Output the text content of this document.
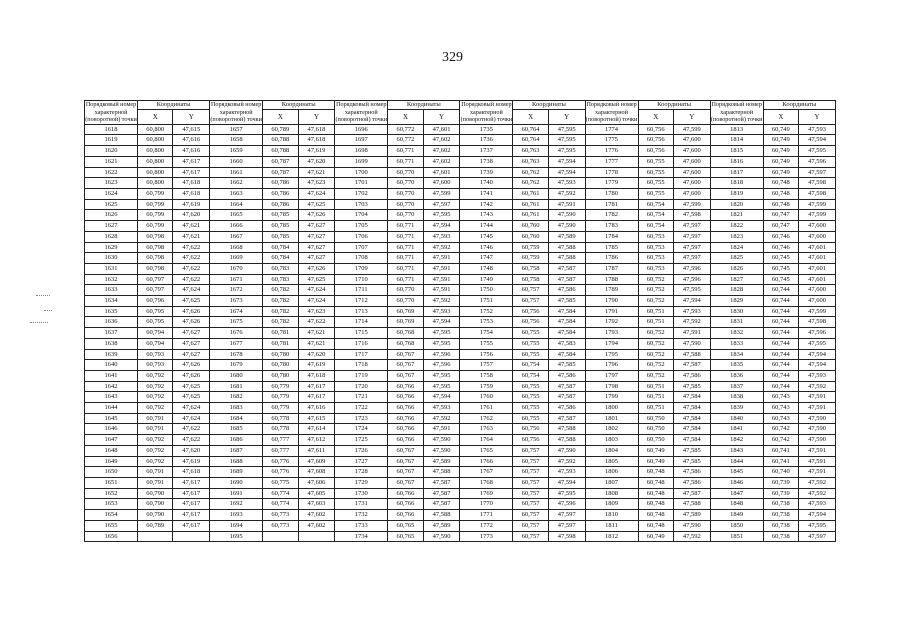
329
Порядковый номер характерной (поворотной) точки	Координаты		Порядковый номер характерной (поворотной) точки	Координаты		Порядковый номер характерной (поворотной) точки	Координаты		Порядковый номер характерной (поворотной) точки	Координаты		Порядковый номер характерной (поворотной) точки	Координаты		Порядковый номер характерной (поворотной) точки	Координаты	
	X	Y		X	Y		X	Y		X	Y		X	Y		X	Y
1618	60,800	47,615	1657	60,789	47,618	1696	60,772	47,601	1735	60,764	47,595	1774	60,756	47,599	1813	60,749	47,593
1619	60,800	47,616	1658	60,788	47,618	1697	60,772	47,602	1736	60,764	47,595	1775	60,756	47,600	1814	60,749	47,594
1620	60,800	47,616	1659	60,788	47,619	1698	60,771	47,602	1737	60,763	47,595	1776	60,756	47,600	1815	60,749	47,595
1621	60,800	47,617	1660	60,787	47,620	1699	60,771	47,602	1738	60,763	47,594	1777	60,755	47,600	1816	60,749	47,596
1622	60,800	47,617	1661	60,787	47,621	1700	60,770	47,601	1739	60,762	47,594	1778	60,755	47,600	1817	60,749	47,597
1623	60,800	47,618	1662	60,786	47,623	1701	60,770	47,600	1740	60,762	47,593	1779	60,755	47,600	1818	60,748	47,598
1624	60,799	47,618	1663	60,786	47,624	1702	60,770	47,599	1741	60,761	47,592	1780	60,755	47,600	1819	60,748	47,598
1625	60,799	47,619	1664	60,786	47,625	1703	60,770	47,597	1742	60,761	47,591	1781	60,754	47,599	1820	60,748	47,599
1626	60,799	47,620	1665	60,785	47,626	1704	60,770	47,595	1743	60,761	47,590	1782	60,754	47,598	1821	60,747	47,599
1627	60,799	47,621	1666	60,785	47,627	1705	60,771	47,594	1744	60,760	47,590	1783	60,754	47,597	1822	60,747	47,600
1628	60,798	47,621	1667	60,785	47,627	1706	60,771	47,593	1745	60,760	47,589	1784	60,753	47,597	1823	60,746	47,600
1629	60,798	47,622	1668	60,784	47,627	1707	60,771	47,592	1746	60,759	47,588	1785	60,753	47,597	1824	60,746	47,601
1630	60,798	47,622	1669	60,784	47,627	1708	60,771	47,591	1747	60,759	47,588	1786	60,753	47,597	1825	60,745	47,601
1631	60,798	47,622	1670	60,783	47,626	1709	60,771	47,591	1748	60,758	47,587	1787	60,753	47,596	1826	60,745	47,601
1632	60,797	47,622	1671	60,783	47,625	1710	60,771	47,591	1749	60,758	47,587	1788	60,752	47,596	1827	60,745	47,601
1633	60,797	47,624	1672	60,782	47,624	1711	60,770	47,591	1750	60,757	47,586	1789	60,752	47,595	1828	60,744	47,600
1634	60,796	47,625	1673	60,782	47,624	1712	60,770	47,592	1751	60,757	47,585	1790	60,752	47,594	1829	60,744	47,600
1635	60,795	47,626	1674	60,782	47,623	1713	60,769	47,593	1752	60,756	47,584	1791	60,751	47,593	1830	60,744	47,599
1636	60,795	47,626	1675	60,782	47,622	1714	60,769	47,594	1753	60,756	47,584	1792	60,751	47,592	1831	60,744	47,598
1637	60,794	47,627	1676	60,781	47,621	1715	60,768	47,595	1754	60,755	47,584	1793	60,752	47,591	1832	60,744	47,596
1638	60,794	47,627	1677	60,781	47,621	1716	60,768	47,595	1755	60,755	47,583	1794	60,752	47,590	1833	60,744	47,595
1639	60,793	47,627	1678	60,780	47,620	1717	60,767	47,596	1756	60,755	47,584	1795	60,752	47,588	1834	60,744	47,594
1640	60,793	47,626	1679	60,780	47,619	1718	60,767	47,596	1757	60,754	47,585	1796	60,752	47,587	1835	60,744	47,594
1641	60,792	47,626	1680	60,780	47,618	1719	60,767	47,595	1758	60,754	47,586	1797	60,752	47,586	1836	60,744	47,593
1642	60,792	47,625	1681	60,779	47,617	1720	60,766	47,595	1759	60,755	47,587	1798	60,751	47,585	1837	60,744	47,592
1643	60,792	47,625	1682	60,779	47,617	1721	60,766	47,594	1760	60,755	47,587	1799	60,751	47,584	1838	60,743	47,591
1644	60,792	47,624	1683	60,779	47,616	1722	60,766	47,593	1761	60,755	47,586	1800	60,751	47,584	1839	60,743	47,591
1645	60,791	47,624	1684	60,778	47,615	1723	60,766	47,592	1762	60,755	47,587	1801	60,750	47,584	1840	60,743	47,590
1646	60,791	47,622	1685	60,778	47,614	1724	60,766	47,591	1763	60,756	47,588	1802	60,750	47,584	1841	60,742	47,590
1647	60,792	47,622	1686	60,777	47,612	1725	60,766	47,590	1764	60,756	47,588	1803	60,750	47,584	1842	60,742	47,590
1648	60,792	47,620	1687	60,777	47,611	1726	60,767	47,590	1765	60,757	47,590	1804	60,749	47,585	1843	60,741	47,591
1649	60,792	47,619	1688	60,776	47,609	1727	60,767	47,589	1766	60,757	47,592	1805	60,749	47,585	1844	60,741	47,591
1650	60,791	47,618	1689	60,776	47,608	1728	60,767	47,588	1767	60,757	47,593	1806	60,748	47,586	1845	60,740	47,591
1651	60,791	47,617	1690	60,775	47,606	1729	60,767	47,587	1768	60,757	47,594	1807	60,748	47,586	1846	60,739	47,592
1652	60,790	47,617	1691	60,774	47,605	1730	60,766	47,587	1769	60,757	47,595	1808	60,748	47,587	1847	60,739	47,592
1653	60,790	47,617	1692	60,774	47,603	1731	60,766	47,587	1770	60,757	47,596	1809	60,748	47,588	1848	60,738	47,593
1654	60,790	47,617	1693	60,773	47,602	1732	60,766	47,588	1771	60,757	47,597	1810	60,748	47,589	1849	60,738	47,594
1655	60,789	47,617	1694	60,773	47,602	1733	60,765	47,589	1772	60,757	47,597	1811	60,748	47,590	1850	60,738	47,595
1656			1695			1734	60,765	47,590	1773	60,757	47,598	1812	60,749	47,592	1851	60,738	47,597
